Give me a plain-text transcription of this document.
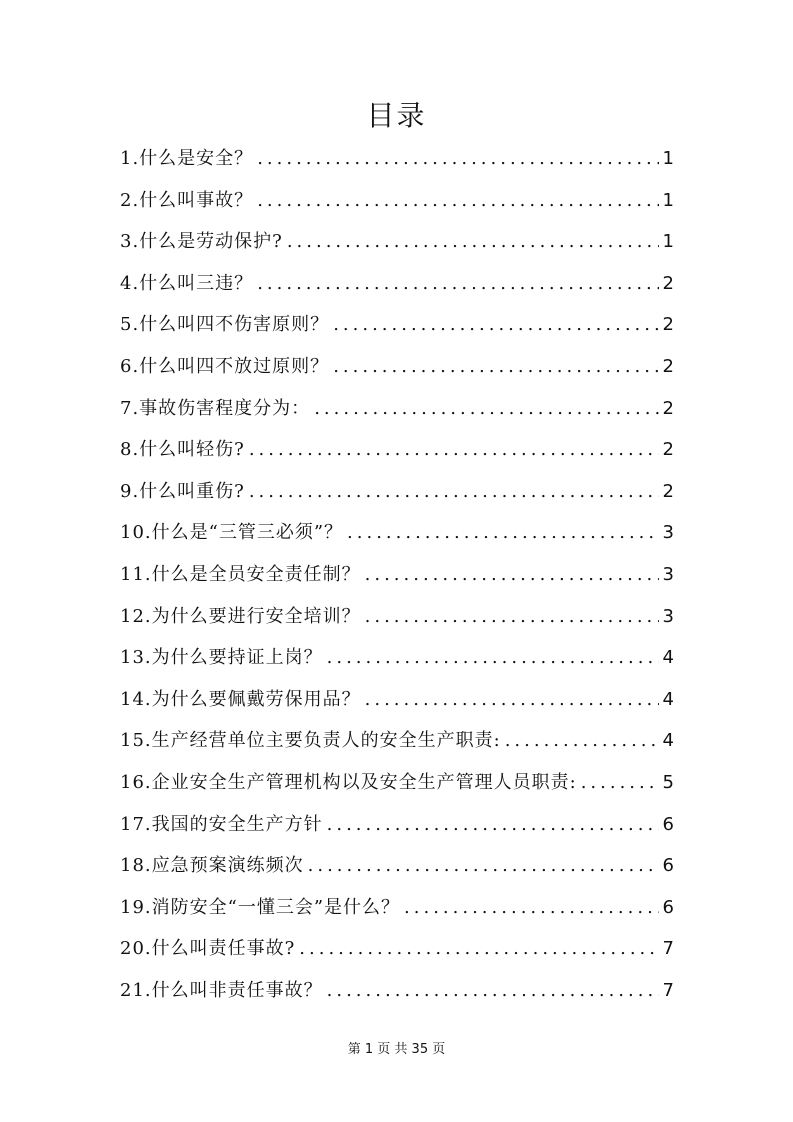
目录
1.什么是安全？ .....	1
2.什么叫事故？ .....	1
3.什么是劳动保护? .....	1
4.什么叫三违？ .....	2
5.什么叫四不伤害原则？ .....	2
6.什么叫四不放过原则？ .....	2
7.事故伤害程度分为： .....	2
8.什么叫轻伤? .....	2
9.什么叫重伤? .....	2
10.什么是“三管三必须”？ .....	3
11.什么是全员安全责任制？ .....	3
12.为什么要进行安全培训？ .....	3
13.为什么要持证上岗？ .....	4
14.为什么要佩戴劳保用品？ .....	4
15.生产经营单位主要负责人的安全生产职责: .....	4
16.企业安全生产管理机构以及安全生产管理人员职责: .....	5
17.我国的安全生产方针 .....	6
18.应急预案演练频次 .....	6
19.消防安全“一懂三会”是什么？ .....	6
20.什么叫责任事故? .....	7
21.什么叫非责任事故？ .....	7
第 1 页 共 35 页
